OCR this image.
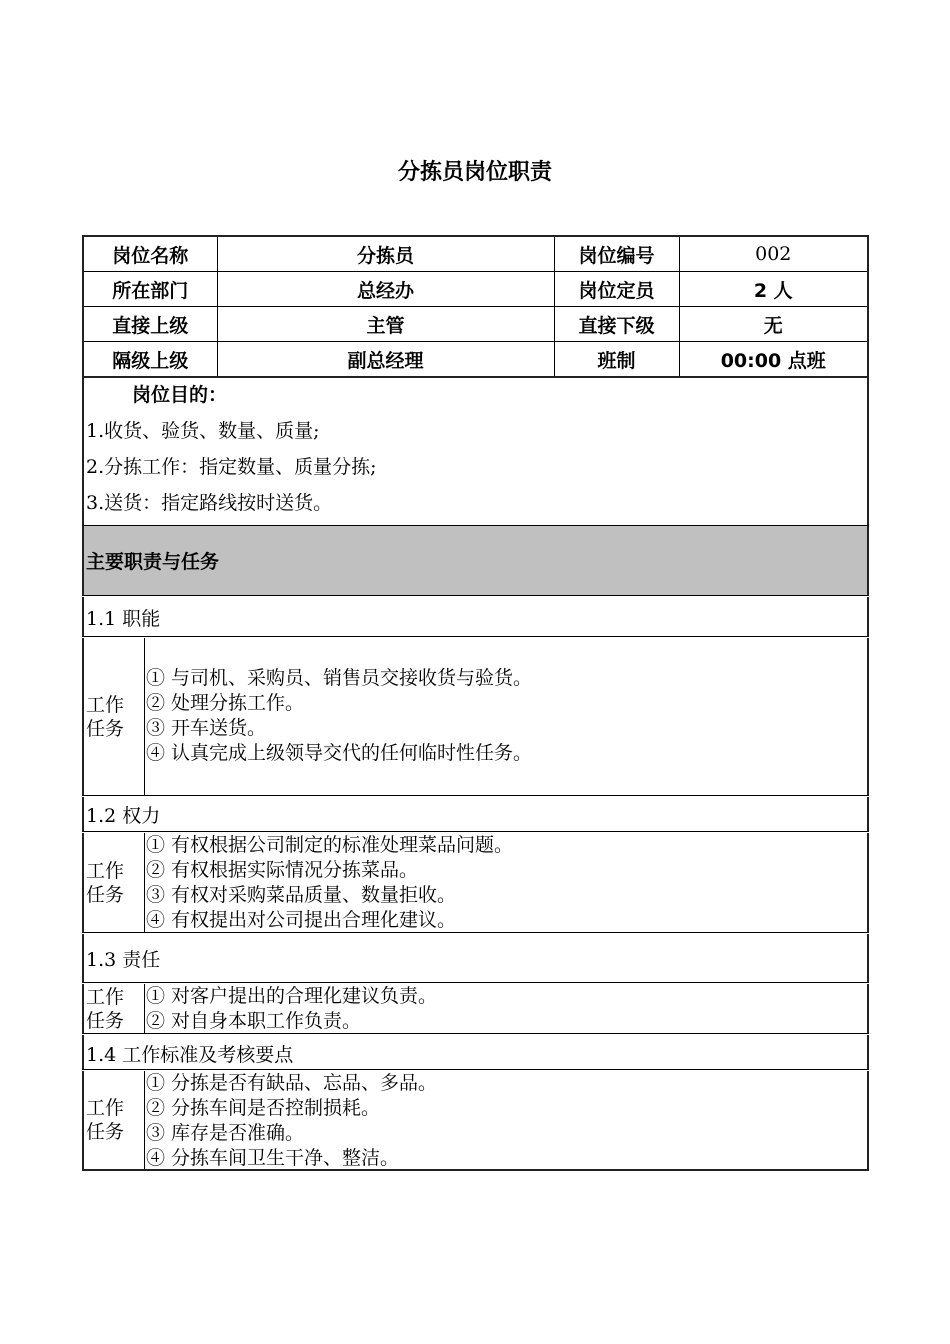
分拣员岗位职责
岗位名称	分拣员	岗位编号	002
所在部门	总经办	岗位定员	2 人
直接上级	主管	直接下级	无
隔级上级	副总经理	班制	00:00 点班
岗位目的：
1.收货、验货、数量、质量;
2.分拣工作：指定数量、质量分拣;
3.送货：指定路线按时送货。
主要职责与任务
1.1 职能
工作任务
① 与司机、采购员、销售员交接收货与验货。
② 处理分拣工作。
③ 开车送货。
④ 认真完成上级领导交代的任何临时性任务。
1.2 权力
工作任务
① 有权根据公司制定的标准处理菜品问题。
② 有权根据实际情况分拣菜品。
③ 有权对采购菜品质量、数量拒收。
④ 有权提出对公司提出合理化建议。
1.3 责任
工作任务
① 对客户提出的合理化建议负责。
② 对自身本职工作负责。
1.4 工作标准及考核要点
工作任务
① 分拣是否有缺品、忘品、多品。
② 分拣车间是否控制损耗。
③ 库存是否准确。
④ 分拣车间卫生干净、整洁。
